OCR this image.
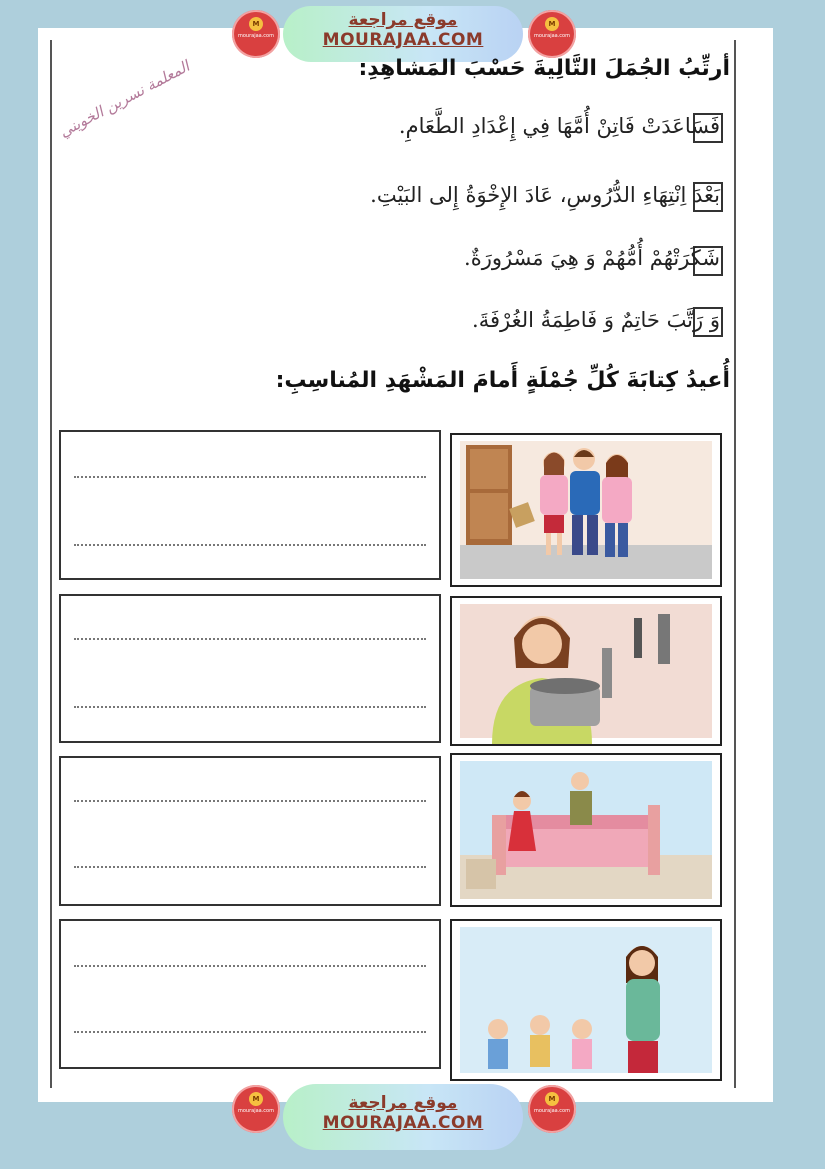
M
mourajaa.com
موقع مراجعة
MOURAJAA.COM
M
mourajaa.com
المعلمة نسرين الخويني	أرتِّبُ الجُمَلَ التَّالِيةَ حَسْبَ المَشاهِدِ:
فَسَاعَدَتْ فَاتِنْ أُمَّهَا فِي إِعْدَادِ الطَّعَامِ.
بَعْدَ اِنْتِهَاءِ الدُّرُوسِ، عَادَ الإِخْوَةُ إِلى البَيْتِ.
شَكَرَتْهُمْ أُمُّهُمْ وَ هِيَ مَسْرُورَةٌ.
وَ رَتَّبَ حَاتِمٌ وَ فَاطِمَةُ الغُرْفَةَ.
أُعيدُ كِتابَةَ كُلِّ جُمْلَةٍ أَمامَ المَشْهَدِ المُناسِبِ:
M
mourajaa.com	موقع مراجعة
MOURAJAA.COM
M
mourajaa.com
